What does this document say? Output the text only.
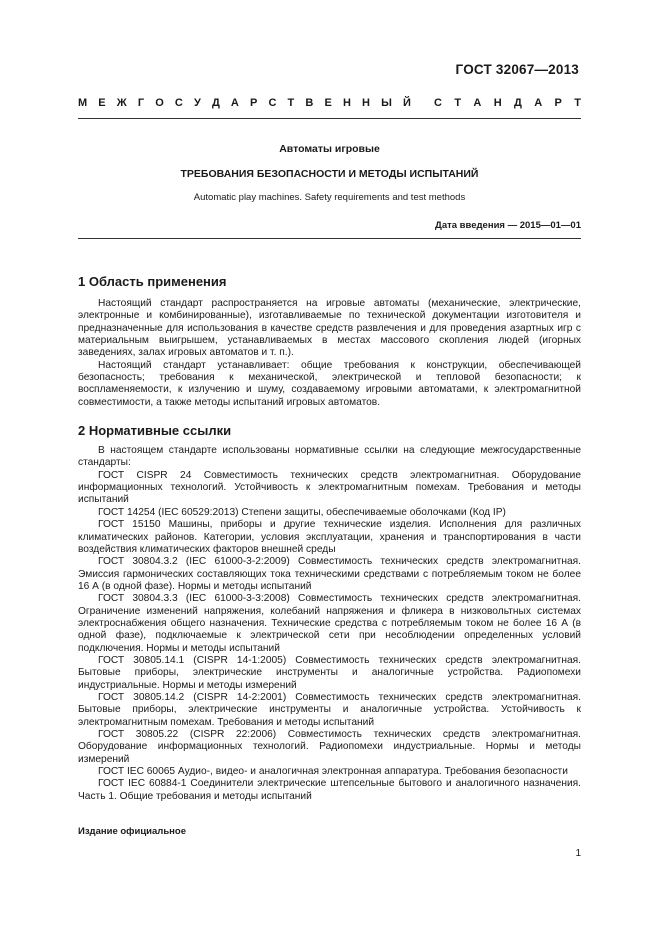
ГОСТ 32067—2013
М Е Ж Г О С У Д А Р С Т В Е Н Н Ы Й С Т А Н Д А Р Т
Автоматы игровые
ТРЕБОВАНИЯ БЕЗОПАСНОСТИ И МЕТОДЫ ИСПЫТАНИЙ
Automatic play machines. Safety requirements and test methods
Дата введения — 2015—01—01
1 Область применения

Настоящий стандарт распространяется на игровые автоматы (механические, электрические, электронные и комбинированные), изготавливаемые по технической документации изготовителя и предназначенные для использования в качестве средств развлечения и для проведения азартных игр с материальным выигрышем, устанавливаемых в местах массового скопления людей (игорных заведениях, залах игровых автоматов и т. п.).

Настоящий стандарт устанавливает: общие требования к конструкции, обеспечивающей безопасность; требования к механической, электрической и тепловой безопасности; к воспламеняемости, к излучению и шуму, создаваемому игровыми автоматами, к электромагнитной совместимости, а также методы испытаний игровых автоматов.

2 Нормативные ссылки

В настоящем стандарте использованы нормативные ссылки на следующие межгосударственные стандарты:

ГОСТ CISPR 24 Совместимость технических средств электромагнитная. Оборудование информационных технологий. Устойчивость к электромагнитным помехам. Требования и методы испытаний

ГОСТ 14254 (IEC 60529:2013) Степени защиты, обеспечиваемые оболочками (Код IP)

ГОСТ 15150 Машины, приборы и другие технические изделия. Исполнения для различных климатических районов. Категории, условия эксплуатации, хранения и транспортирования в части воздействия климатических факторов внешней среды

ГОСТ 30804.3.2 (IEC 61000-3-2:2009) Совместимость технических средств электромагнитная. Эмиссия гармонических составляющих тока техническими средствами с потребляемым током не более 16 А (в одной фазе). Нормы и методы испытаний

ГОСТ 30804.3.3 (IEC 61000-3-3:2008) Совместимость технических средств электромагнитная. Ограничение изменений напряжения, колебаний напряжения и фликера в низковольтных системах электроснабжения общего назначения. Технические средства с потребляемым током не более 16 А (в одной фазе), подключаемые к электрической сети при несоблюдении определенных условий подключения. Нормы и методы испытаний

ГОСТ 30805.14.1 (CISPR 14-1:2005) Совместимость технических средств электромагнитная. Бытовые приборы, электрические инструменты и аналогичные устройства. Радиопомехи индустриальные. Нормы и методы измерений

ГОСТ 30805.14.2 (CISPR 14-2:2001) Совместимость технических средств электромагнитная. Бытовые приборы, электрические инструменты и аналогичные устройства. Устойчивость к электромагнитным помехам. Требования и методы испытаний

ГОСТ 30805.22 (CISPR 22:2006) Совместимость технических средств электромагнитная. Оборудование информационных технологий. Радиопомехи индустриальные. Нормы и методы измерений

ГОСТ IEC 60065 Аудио-, видео- и аналогичная электронная аппаратура. Требования безопасности

ГОСТ IEC 60884-1 Соединители электрические штепсельные бытового и аналогичного назначения. Часть 1. Общие требования и методы испытаний

Издание официальное
1
